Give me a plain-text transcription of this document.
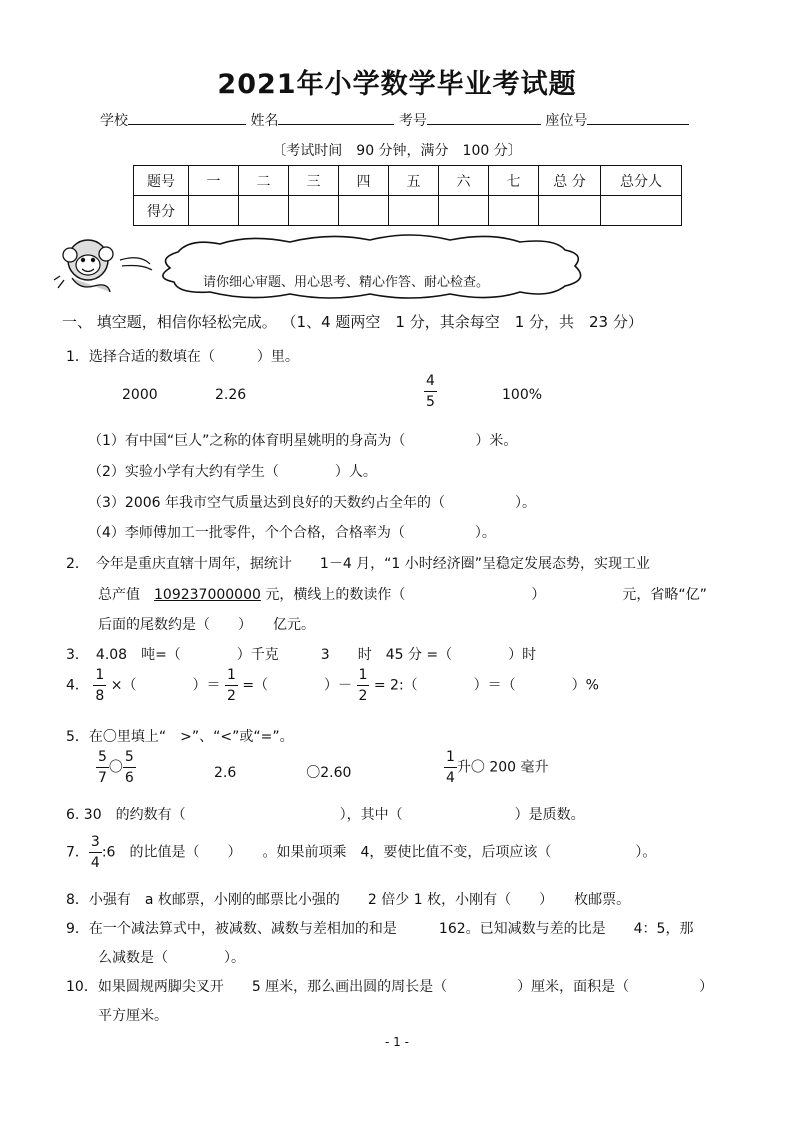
2021年小学数学毕业考试题
学校	姓名	考号	座位号
〔考试时间　90 分钟，满分　100 分〕
题号	一	二	三	四	五	六	七	总 分	总分人
得分									
请你细心审题、用心思考、精心作答、耐心检查。
一、 填空题，相信你轻松完成。 （1、4 题两空　1 分，其余每空　1 分，共　23 分）
1．选择合适的数填在（　　　）里。
2000	2.26	$\frac{4}{5}$	100%
（1）有中国“巨人”之称的体育明星姚明的身高为（　　　　　）米。
（2）实验小学有大约有学生（　　　　）人。
（3）2006 年我市空气质量达到良好的天数约占全年的（　　　　　）。
（4）李师傅加工一批零件，个个合格，合格率为（　　　　　）。
2．　今年是重庆直辖十周年，据统计　　1－4 月，“1 小时经济圈”呈稳定发展态势，实现工业
总产值　109237000000 元，横线上的数读作（　　　　　　　　　）　　　　　　元，省略“亿”
后面的尾数约是（　　）　　亿元。
3．　4.08　吨=（　　　　）千克　　　3　　时　45 分 =（　　　　）时
4． $\frac{1}{8}$ ×（　　　　）＝ $\frac{1}{2}$ =（　　　　）－ $\frac{1}{2}$ = 2:（　　　　）＝（　　　　）%
5．在〇里填上“　>”、“<”或“=”。
$\frac{5}{7}$ 〇 $\frac{5}{6}$	2.6　　　　　〇2.60	$\frac{1}{4}$ 升〇 200 毫升
6. 30　的约数有（　　　　　　　　　　　），其中（　　　　　　　　）是质数。
7． $\frac{3}{4}$ :6　的比值是（　　）　　。如果前项乘　4，要使比值不变，后项应该（　　　　　　）。
8．小强有　a 枚邮票，小刚的邮票比小强的　　2 倍少 1 枚，小刚有（　　）　　枚邮票。
9．在一个减法算式中，被减数、减数与差相加的和是　　　162。已知减数与差的比是　　4：5，那
么减数是（　　　　）。
10．如果圆规两脚尖叉开　　5 厘米，那么画出圆的周长是（　　　　　）厘米，面积是（　　　　　）
平方厘米。
- 1 -
